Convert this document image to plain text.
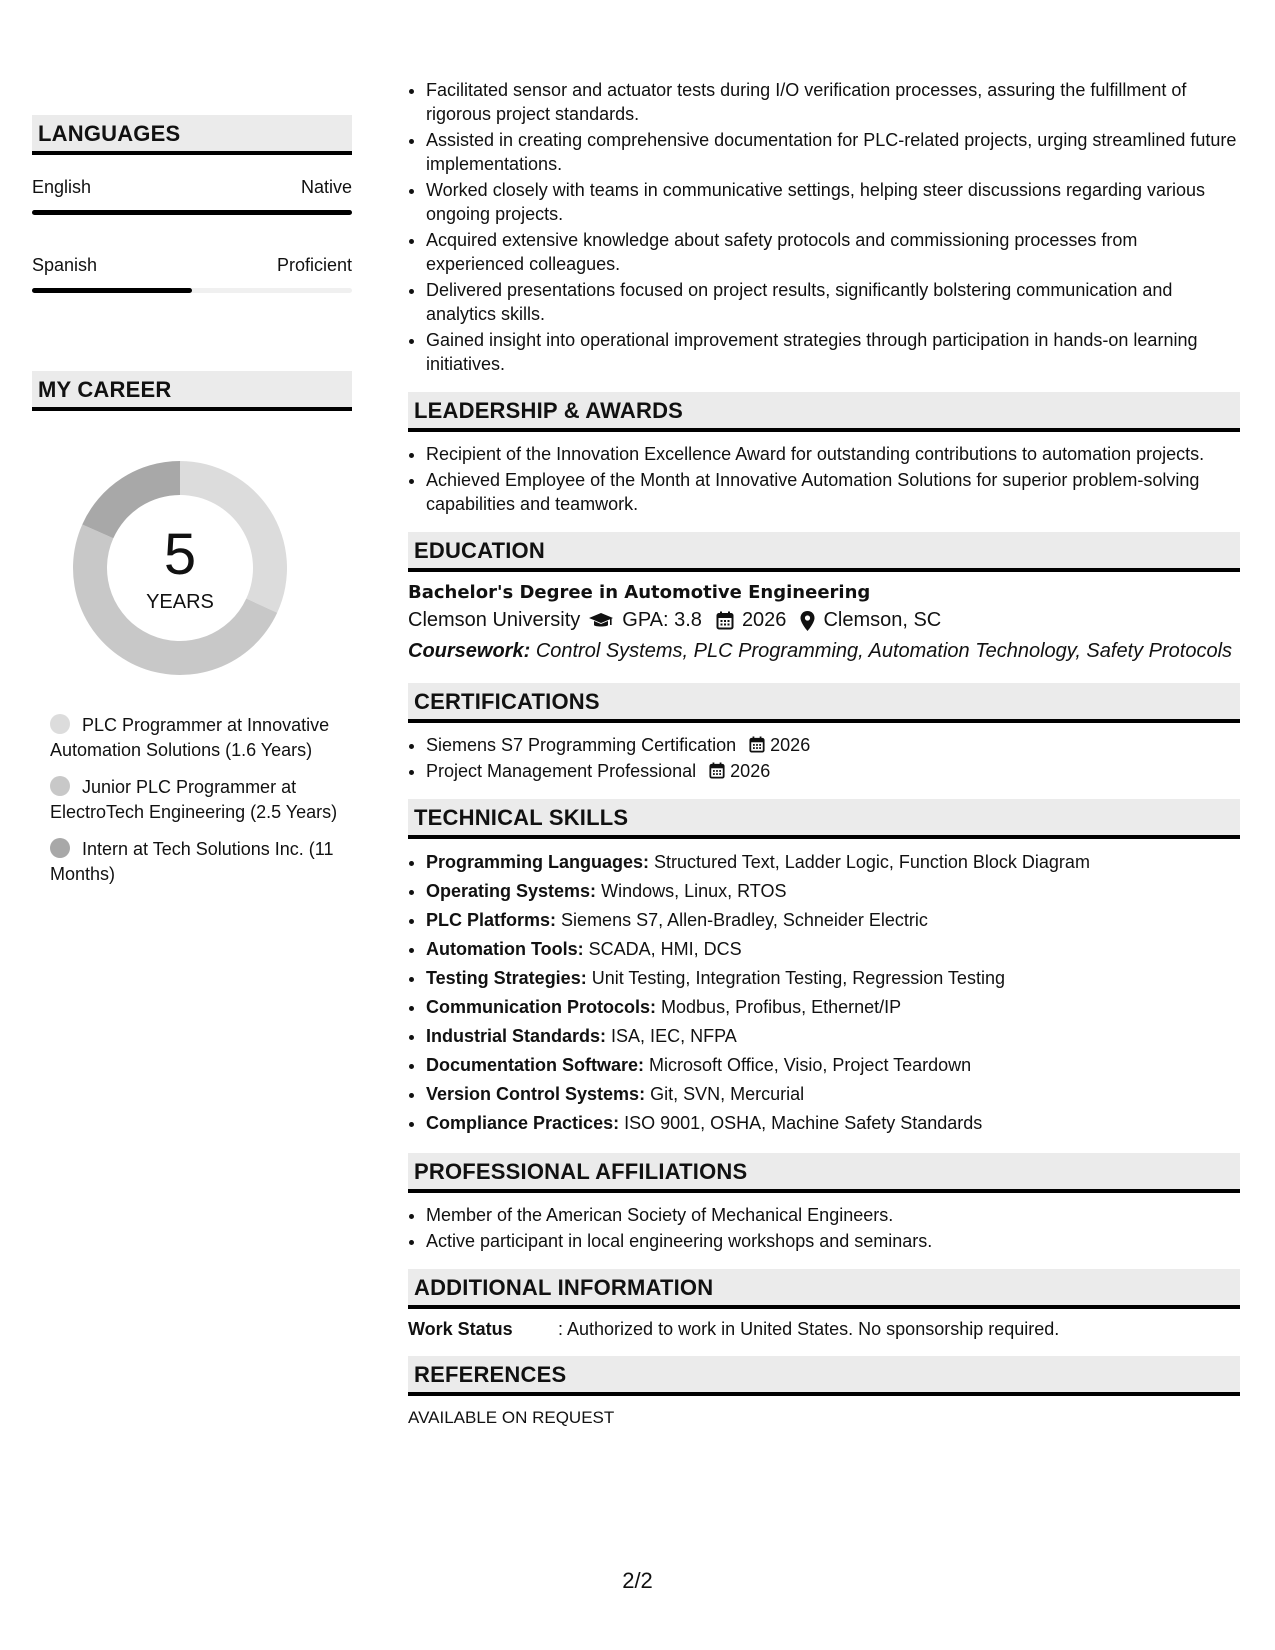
LANGUAGES
English	Native
Spanish	Proficient
MY CAREER
5
YEARS
PLC Programmer at Innovative Automation Solutions (1.6 Years)
Junior PLC Programmer at ElectroTech Engineering (2.5 Years)
Intern at Tech Solutions Inc. (11 Months)
• Facilitated sensor and actuator tests during I/O verification processes, assuring the fulfillment of rigorous project standards.
• Assisted in creating comprehensive documentation for PLC-related projects, urging streamlined future implementations.
• Worked closely with teams in communicative settings, helping steer discussions regarding various ongoing projects.
• Acquired extensive knowledge about safety protocols and commissioning processes from experienced colleagues.
• Delivered presentations focused on project results, significantly bolstering communication and analytics skills.
• Gained insight into operational improvement strategies through participation in hands-on learning initiatives.
LEADERSHIP & AWARDS
• Recipient of the Innovation Excellence Award for outstanding contributions to automation projects.
• Achieved Employee of the Month at Innovative Automation Solutions for superior problem-solving capabilities and teamwork.
EDUCATION
Bachelor's Degree in Automotive Engineering
Clemson University GPA: 3.8 2026 Clemson, SC
Coursework: Control Systems, PLC Programming, Automation Technology, Safety Protocols
CERTIFICATIONS
• Siemens S7 Programming Certification 2026
• Project Management Professional 2026
TECHNICAL SKILLS
• Programming Languages: Structured Text, Ladder Logic, Function Block Diagram
• Operating Systems: Windows, Linux, RTOS
• PLC Platforms: Siemens S7, Allen-Bradley, Schneider Electric
• Automation Tools: SCADA, HMI, DCS
• Testing Strategies: Unit Testing, Integration Testing, Regression Testing
• Communication Protocols: Modbus, Profibus, Ethernet/IP
• Industrial Standards: ISA, IEC, NFPA
• Documentation Software: Microsoft Office, Visio, Project Teardown
• Version Control Systems: Git, SVN, Mercurial
• Compliance Practices: ISO 9001, OSHA, Machine Safety Standards
PROFESSIONAL AFFILIATIONS
• Member of the American Society of Mechanical Engineers.
• Active participant in local engineering workshops and seminars.
ADDITIONAL INFORMATION
Work Status	: Authorized to work in United States. No sponsorship required.
REFERENCES
AVAILABLE ON REQUEST
2/2
